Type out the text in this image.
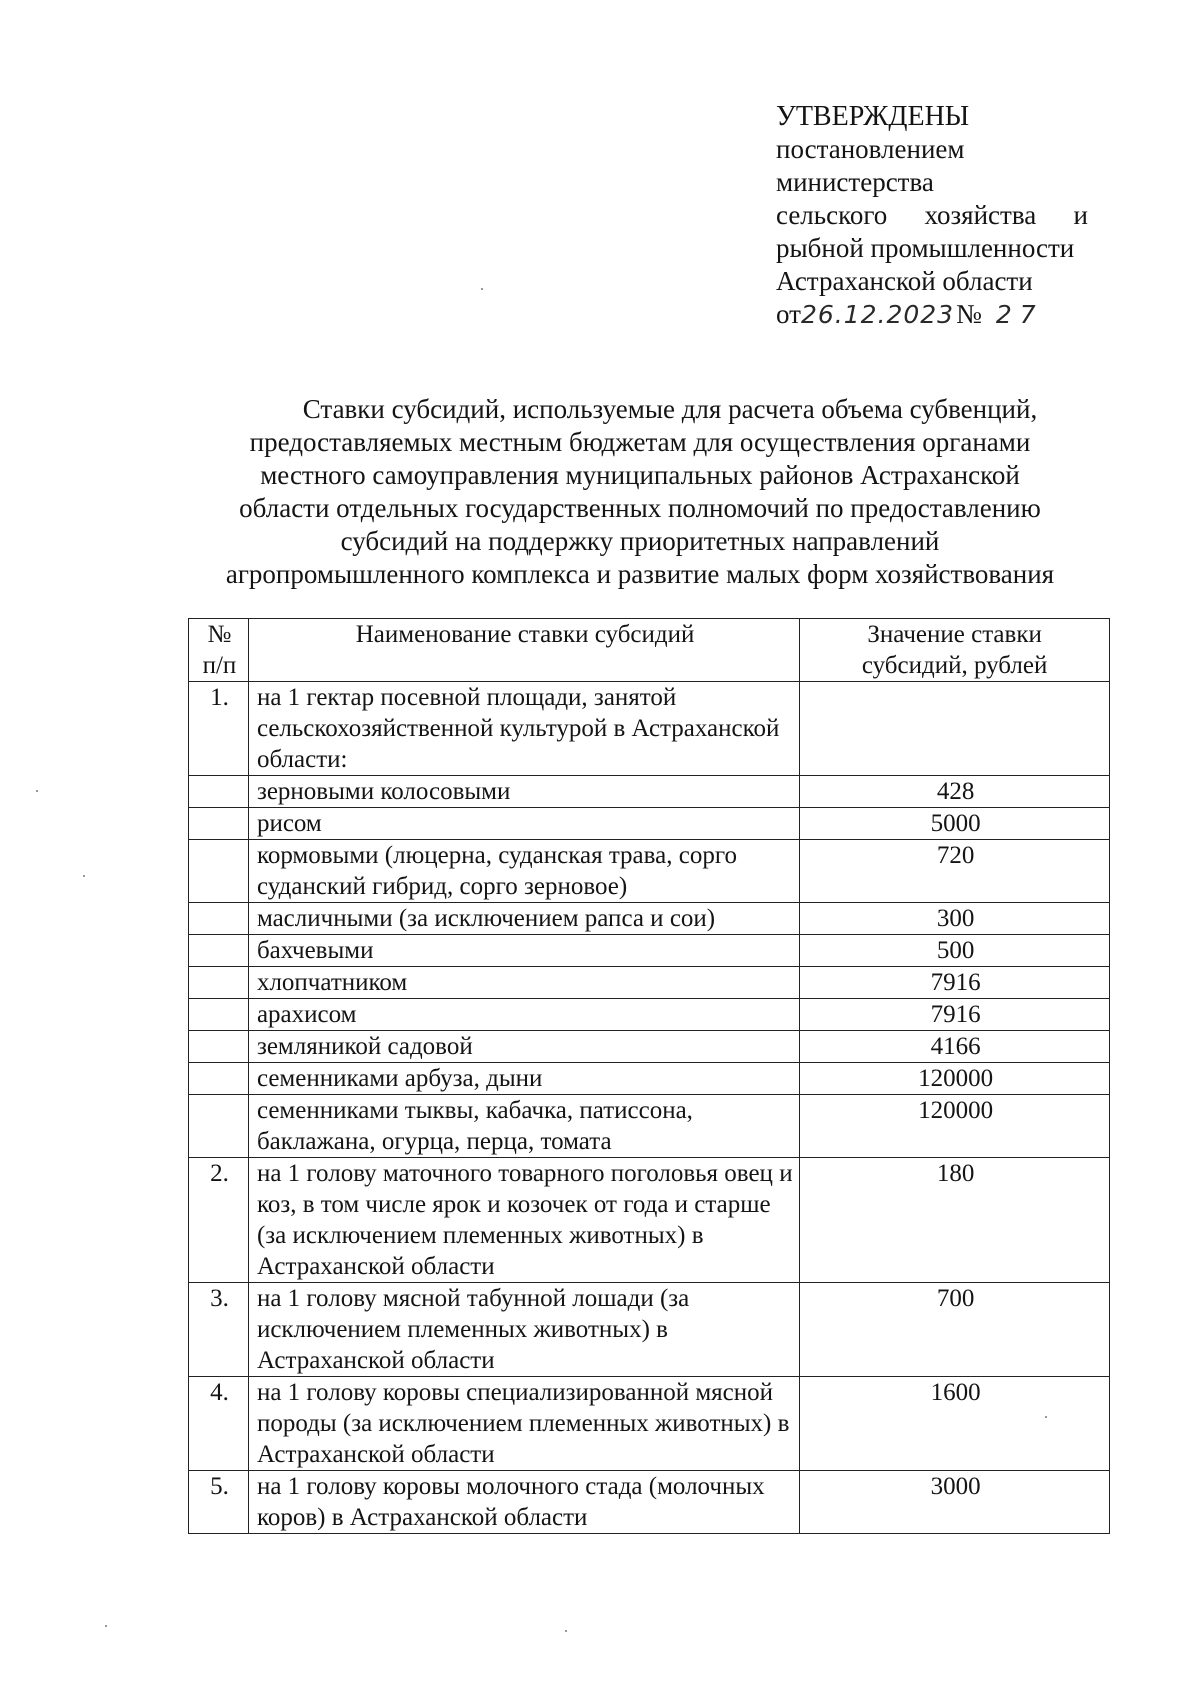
УТВЕРЖДЕНЫ
постановлением
министерства
сельского хозяйства и
рыбной промышленности
Астраханской области
от 26.12.2023 № 27
Ставки субсидий, используемые для расчета объема субвенций,
предоставляемых местным бюджетам для осуществления органами
местного самоуправления муниципальных районов Астраханской
области отдельных государственных полномочий по предоставлению
субсидий на поддержку приоритетных направлений
агропромышленного комплекса и развитие малых форм хозяйствования
№ п/п	Наименование ставки субсидий	Значение ставки субсидий, рублей
1.	на 1 гектар посевной площади, занятой сельскохозяйственной культурой в Астраханской области:	
	зерновыми колосовыми	428
	рисом	5000
	кормовыми (люцерна, суданская трава, сорго суданский гибрид, сорго зерновое)	720
	масличными (за исключением рапса и сои)	300
	бахчевыми	500
	хлопчатником	7916
	арахисом	7916
	земляникой садовой	4166
	семенниками арбуза, дыни	120000
	семенниками тыквы, кабачка, патиссона, баклажана, огурца, перца, томата	120000
2.	на 1 голову маточного товарного поголовья овец и коз, в том числе ярок и козочек от года и старше (за исключением племенных животных) в Астраханской области	180
3.	на 1 голову мясной табунной лошади (за исключением племенных животных) в Астраханской области	700
4.	на 1 голову коровы специализированной мясной породы (за исключением племенных животных) в Астраханской области	1600
5.	на 1 голову коровы молочного стада (молочных коров) в Астраханской области	3000
